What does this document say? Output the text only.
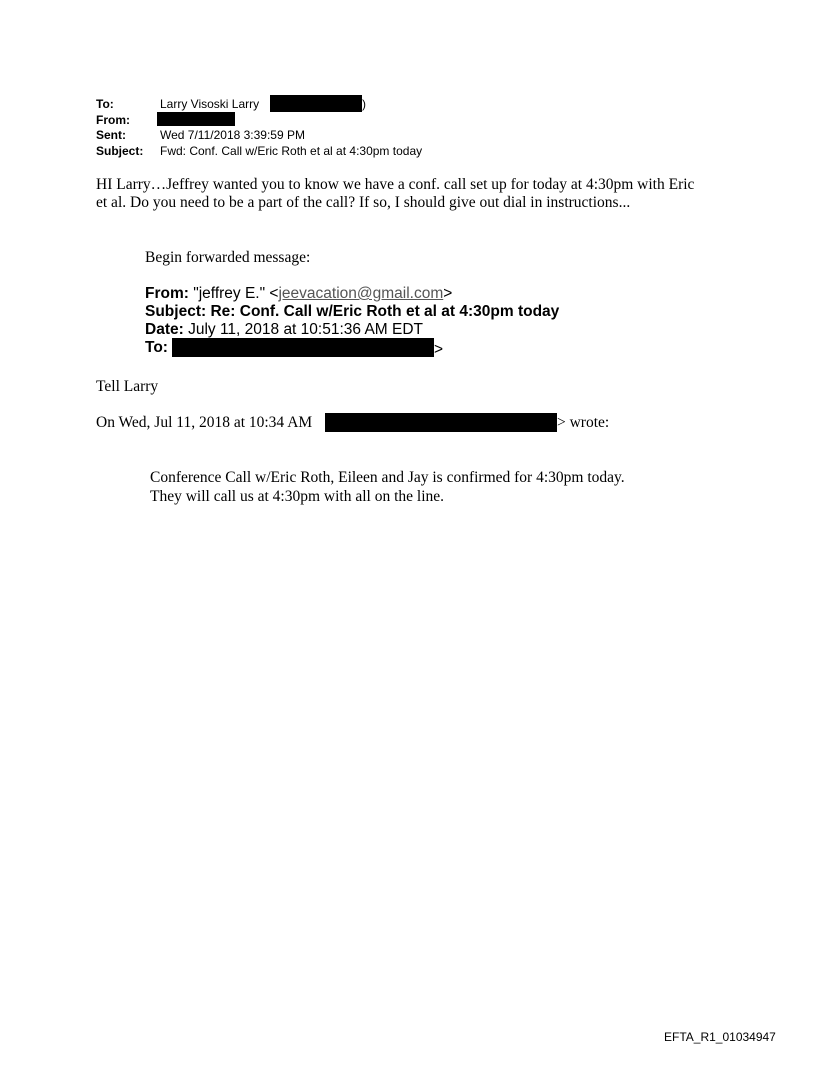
To:	Larry Visoski Larry	)
From:
Sent:	Wed 7/11/2018 3:39:59 PM
Subject: Fwd: Conf. Call w/Eric Roth et al at 4:30pm today
HI Larry…Jeffrey wanted you to know we have a conf. call set up for today at 4:30pm with Eric
et al. Do you need to be a part of the call? If so, I should give out dial in instructions...
Begin forwarded message:
From: "jeffrey E." <jeevacation@gmail.com>
Subject: Re: Conf. Call w/Eric Roth et al at 4:30pm today
Date: July 11, 2018 at 10:51:36 AM EDT
To:	>
Tell Larry
On Wed, Jul 11, 2018 at 10:34 AM	> wrote:
Conference Call w/Eric Roth, Eileen and Jay is confirmed for 4:30pm today.
They will call us at 4:30pm with all on the line.
EFTA_R1_01034947
